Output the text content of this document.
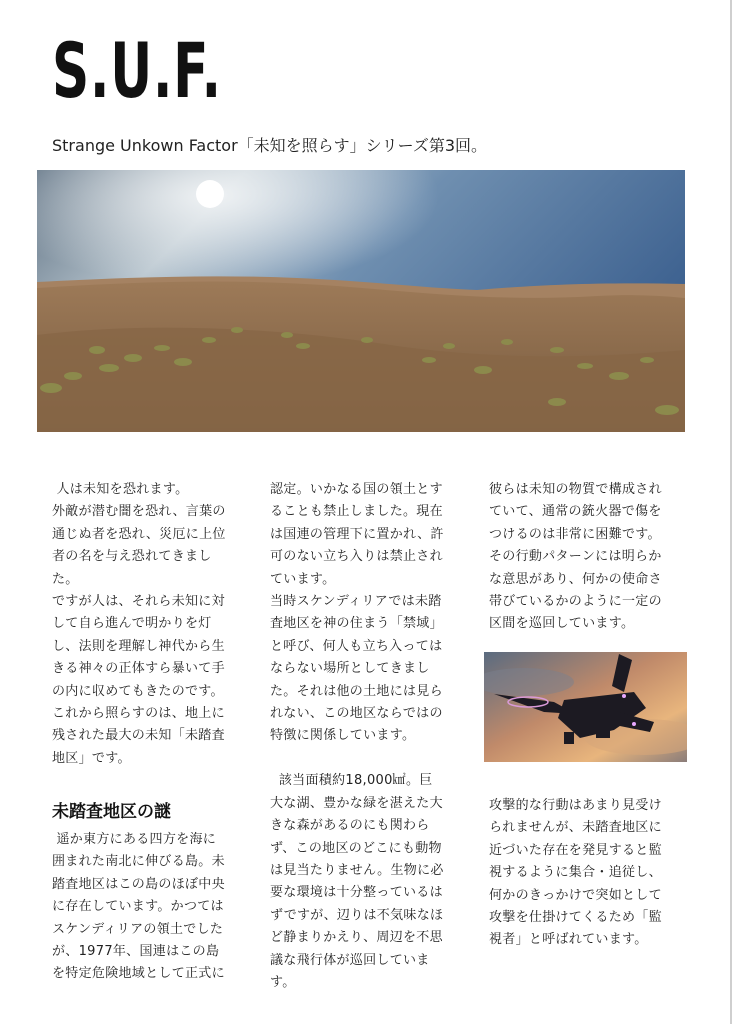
S.U.F.
Strange Unkown Factor「未知を照らす」シリーズ第3回。

人は未知を恐れます。

外敵が潜む闇を恐れ、言葉の

通じぬ者を恐れ、災厄に上位

者の名を与え恐れてきまし

た。

ですが人は、それら未知に対

して自ら進んで明かりを灯

し、法則を理解し神代から生

きる神々の正体すら暴いて手

の内に収めてもきたのです。

これから照らすのは、地上に

残された最大の未知「未踏査

地区」です。

未踏査地区の謎

遥か東方にある四方を海に

囲まれた南北に伸びる島。未

踏査地区はこの島のほぼ中央

に存在しています。かつては

スケンディリアの領土でした

が、1977年、国連はこの島

を特定危険地域として正式に

認定。いかなる国の領土とす

ることも禁止しました。現在

は国連の管理下に置かれ、許

可のない立ち入りは禁止され

ています。

当時スケンディリアでは未踏

査地区を神の住まう「禁域」

と呼び、何人も立ち入っては

ならない場所としてきまし

た。それは他の土地には見ら

れない、この地区ならではの

特徴に関係しています。

該当面積約18,000㎢。巨

大な湖、豊かな緑を湛えた大

きな森があるのにも関わら

ず、この地区のどこにも動物

は見当たりません。生物に必

要な環境は十分整っているは

ずですが、辺りは不気味なほ

ど静まりかえり、周辺を不思

議な飛行体が巡回していま

す。

彼らは未知の物質で構成され

ていて、通常の銃火器で傷を

つけるのは非常に困難です。

その行動パターンには明らか

な意思があり、何かの使命さ

帯びているかのように一定の

区間を巡回しています。

攻撃的な行動はあまり見受け

られませんが、未踏査地区に

近づいた存在を発見すると監

視するように集合・追従し、

何かのきっかけで突如として

攻撃を仕掛けてくるため「監

視者」と呼ばれています。
